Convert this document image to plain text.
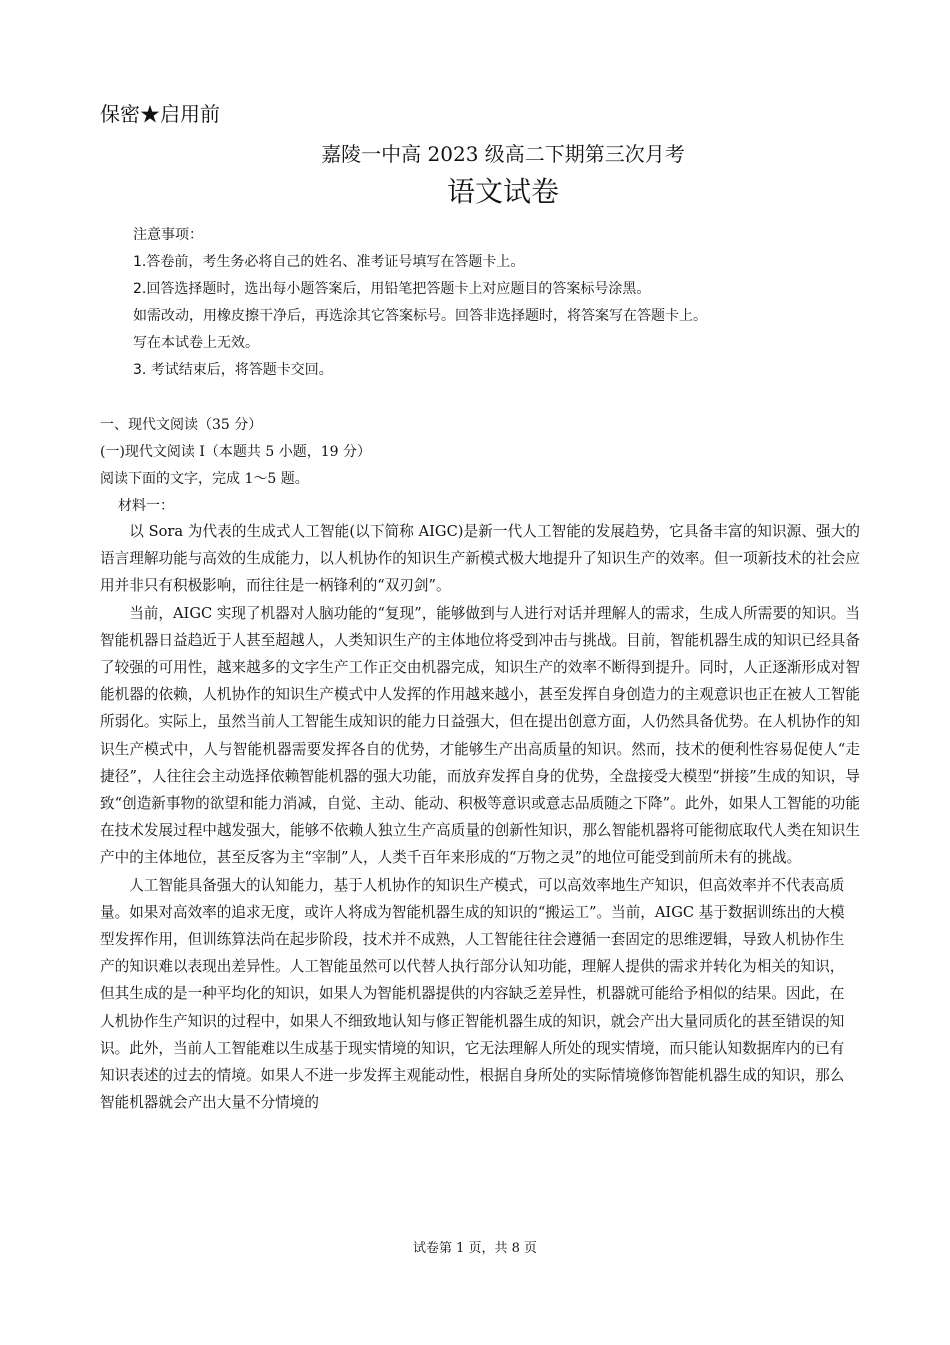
保密★启用前
嘉陵一中高 2023 级高二下期第三次月考
语文试卷
注意事项：
1.答卷前，考生务必将自己的姓名、准考证号填写在答题卡上。
2.回答选择题时，选出每小题答案后，用铅笔把答题卡上对应题目的答案标号涂黑。
如需改动，用橡皮擦干净后，再选涂其它答案标号。回答非选择题时，将答案写在答题卡上。
写在本试卷上无效。
3. 考试结束后，将答题卡交回。
一、现代文阅读（35 分）
(一)现代文阅读 I（本题共 5 小题，19 分）
阅读下面的文字，完成 1～5 题。
材料一：

以 Sora 为代表的生成式人工智能(以下简称 AIGC)是新一代人工智能的发展趋势，它具备丰富的知识源、强大的语言理解功能与高效的生成能力，以人机协作的知识生产新模式极大地提升了知识生产的效率。但一项新技术的社会应用并非只有积极影响，而往往是一柄锋利的“双刃剑”。

当前，AIGC 实现了机器对人脑功能的“复现”，能够做到与人进行对话并理解人的需求，生成人所需要的知识。当智能机器日益趋近于人甚至超越人，人类知识生产的主体地位将受到冲击与挑战。目前，智能机器生成的知识已经具备了较强的可用性，越来越多的文字生产工作正交由机器完成，知识生产的效率不断得到提升。同时，人正逐渐形成对智能机器的依赖，人机协作的知识生产模式中人发挥的作用越来越小，甚至发挥自身创造力的主观意识也正在被人工智能所弱化。实际上，虽然当前人工智能生成知识的能力日益强大，但在提出创意方面，人仍然具备优势。在人机协作的知识生产模式中，人与智能机器需要发挥各自的优势，才能够生产出高质量的知识。然而，技术的便利性容易促使人“走捷径”，人往往会主动选择依赖智能机器的强大功能，而放弃发挥自身的优势，全盘接受大模型“拼接”生成的知识，导致“创造新事物的欲望和能力消减，自觉、主动、能动、积极等意识或意志品质随之下降”。此外，如果人工智能的功能在技术发展过程中越发强大，能够不依赖人独立生产高质量的创新性知识，那么智能机器将可能彻底取代人类在知识生产中的主体地位，甚至反客为主“宰制”人，人类千百年来形成的“万物之灵”的地位可能受到前所未有的挑战。

人工智能具备强大的认知能力，基于人机协作的知识生产模式，可以高效率地生产知识，但高效率并不代表高质量。如果对高效率的追求无度，或许人将成为智能机器生成的知识的“搬运工”。当前，AIGC 基于数据训练出的大模型发挥作用，但训练算法尚在起步阶段，技术并不成熟，人工智能往往会遵循一套固定的思维逻辑，导致人机协作生产的知识难以表现出差异性。人工智能虽然可以代替人执行部分认知功能，理解人提供的需求并转化为相关的知识，但其生成的是一种平均化的知识，如果人为智能机器提供的内容缺乏差异性，机器就可能给予相似的结果。因此，在人机协作生产知识的过程中，如果人不细致地认知与修正智能机器生成的知识，就会产出大量同质化的甚至错误的知识。此外，当前人工智能难以生成基于现实情境的知识，它无法理解人所处的现实情境，而只能认知数据库内的已有知识表述的过去的情境。如果人不进一步发挥主观能动性，根据自身所处的实际情境修饰智能机器生成的知识，那么智能机器就会产出大量不分情境的

试卷第 1 页，共 8 页
